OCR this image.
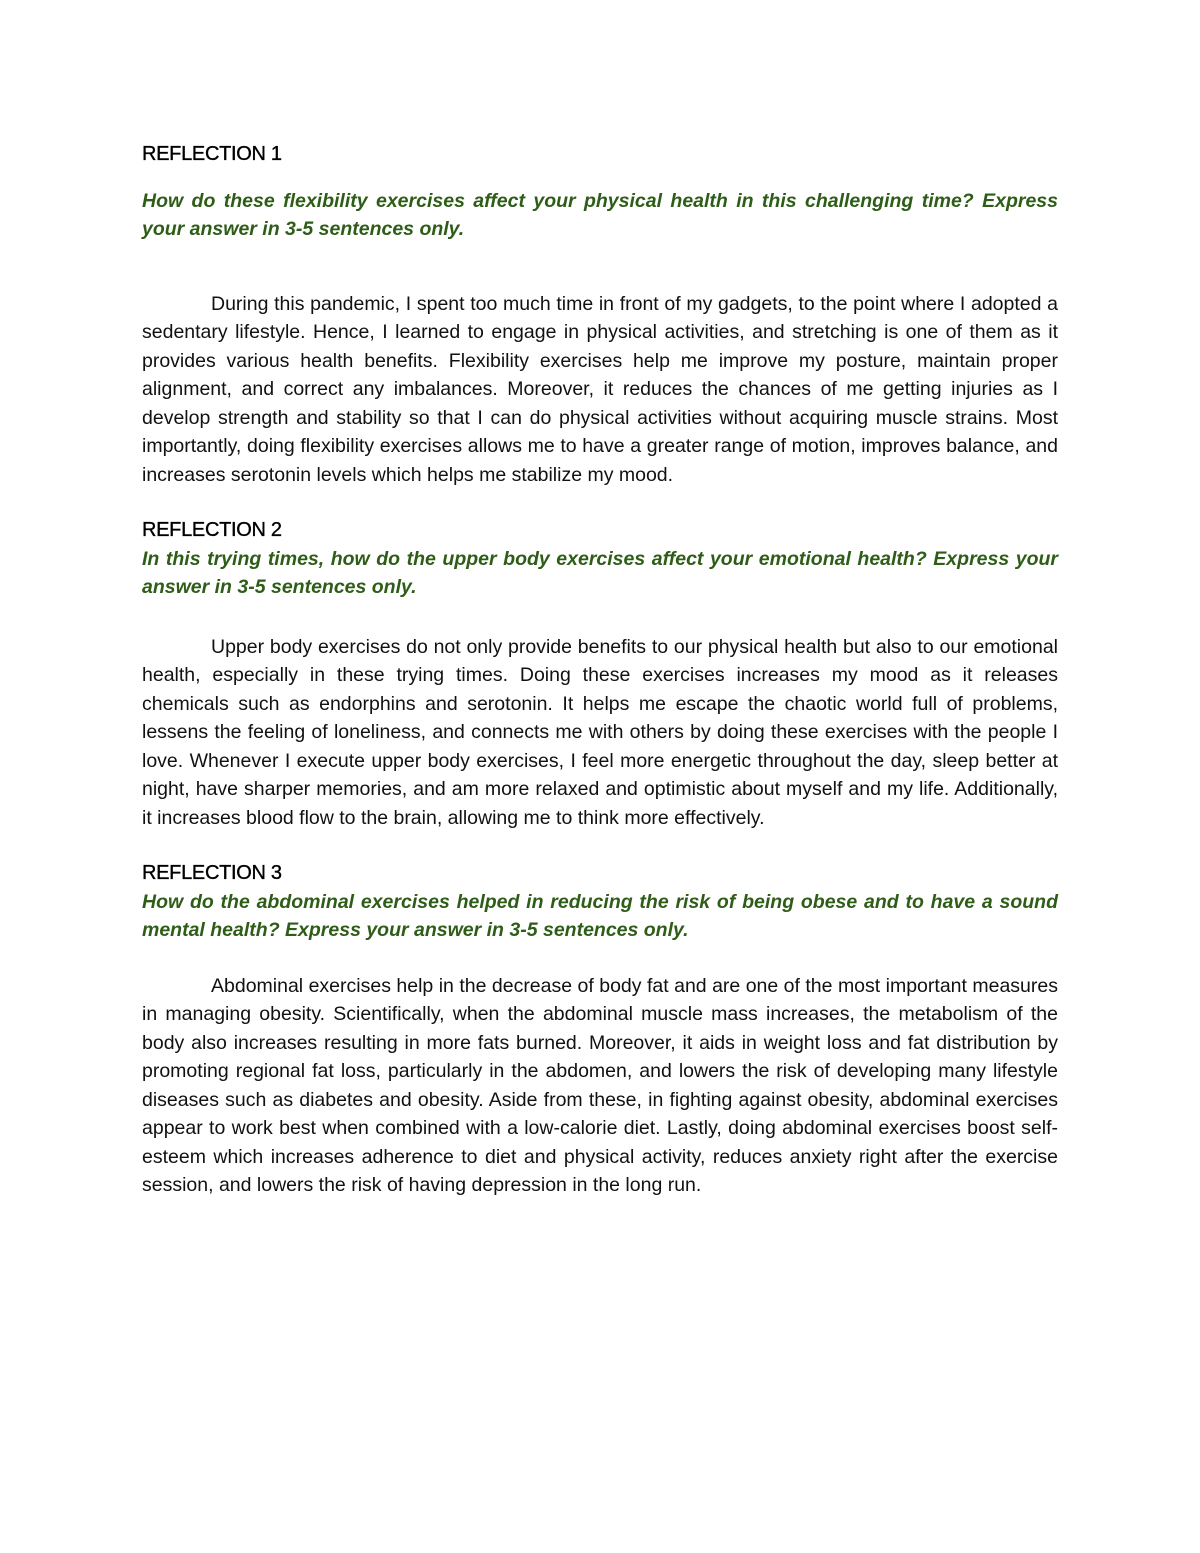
REFLECTION 1

How do these flexibility exercises affect your physical health in this challenging time? Express your answer in 3-5 sentences only.

During this pandemic, I spent too much time in front of my gadgets, to the point where I adopted a sedentary lifestyle. Hence, I learned to engage in physical activities, and stretching is one of them as it provides various health benefits. Flexibility exercises help me improve my posture, maintain proper alignment, and correct any imbalances. Moreover, it reduces the chances of me getting injuries as I develop strength and stability so that I can do physical activities without acquiring muscle strains. Most importantly, doing flexibility exercises allows me to have a greater range of motion, improves balance, and increases serotonin levels which helps me stabilize my mood.

REFLECTION 2

In this trying times, how do the upper body exercises affect your emotional health? Express your answer in 3-5 sentences only.

Upper body exercises do not only provide benefits to our physical health but also to our emotional health, especially in these trying times. Doing these exercises increases my mood as it releases chemicals such as endorphins and serotonin. It helps me escape the chaotic world full of problems, lessens the feeling of loneliness, and connects me with others by doing these exercises with the people I love. Whenever I execute upper body exercises, I feel more energetic throughout the day, sleep better at night, have sharper memories, and am more relaxed and optimistic about myself and my life. Additionally, it increases blood flow to the brain, allowing me to think more effectively.

REFLECTION 3

How do the abdominal exercises helped in reducing the risk of being obese and to have a sound mental health? Express your answer in 3-5 sentences only.

Abdominal exercises help in the decrease of body fat and are one of the most important measures in managing obesity. Scientifically, when the abdominal muscle mass increases, the metabolism of the body also increases resulting in more fats burned. Moreover, it aids in weight loss and fat distribution by promoting regional fat loss, particularly in the abdomen, and lowers the risk of developing many lifestyle diseases such as diabetes and obesity. Aside from these, in fighting against obesity, abdominal exercises appear to work best when combined with a low-calorie diet. Lastly, doing abdominal exercises boost self-esteem which increases adherence to diet and physical activity, reduces anxiety right after the exercise session, and lowers the risk of having depression in the long run.
